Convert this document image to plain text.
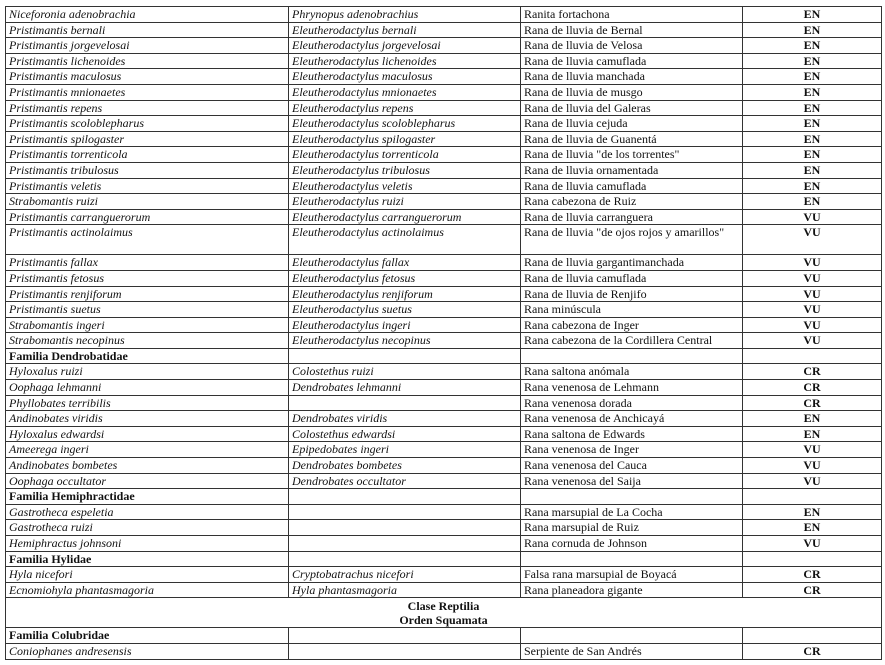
Niceforonia adenobrachia	Phrynopus adenobrachius	Ranita fortachona	EN
Pristimantis bernali	Eleutherodactylus bernali	Rana de lluvia de Bernal	EN
Pristimantis jorgevelosai	Eleutherodactylus jorgevelosai	Rana de lluvia de Velosa	EN
Pristimantis lichenoides	Eleutherodactylus lichenoides	Rana de lluvia camuflada	EN
Pristimantis maculosus	Eleutherodactylus maculosus	Rana de lluvia manchada	EN
Pristimantis mnionaetes	Eleutherodactylus mnionaetes	Rana de lluvia de musgo	EN
Pristimantis repens	Eleutherodactylus repens	Rana de lluvia del Galeras	EN
Pristimantis scoloblepharus	Eleutherodactylus scoloblepharus	Rana de lluvia cejuda	EN
Pristimantis spilogaster	Eleutherodactylus spilogaster	Rana de lluvia de Guanentá	EN
Pristimantis torrenticola	Eleutherodactylus torrenticola	Rana de lluvia "de los torrentes"	EN
Pristimantis tribulosus	Eleutherodactylus tribulosus	Rana de lluvia ornamentada	EN
Pristimantis veletis	Eleutherodactylus veletis	Rana de lluvia camuflada	EN
Strabomantis ruizi	Eleutherodactylus ruizi	Rana cabezona de Ruiz	EN
Pristimantis carranguerorum	Eleutherodactylus carranguerorum	Rana de lluvia carranguera	VU
Pristimantis actinolaimus	Eleutherodactylus actinolaimus	Rana de lluvia "de ojos rojos y amarillos"	VU
Pristimantis fallax	Eleutherodactylus fallax	Rana de lluvia gargantimanchada	VU
Pristimantis fetosus	Eleutherodactylus fetosus	Rana de lluvia camuflada	VU
Pristimantis renjiforum	Eleutherodactylus renjiforum	Rana de lluvia de Renjifo	VU
Pristimantis suetus	Eleutherodactylus suetus	Rana minúscula	VU
Strabomantis ingeri	Eleutherodactylus ingeri	Rana cabezona de Inger	VU
Strabomantis necopinus	Eleutherodactylus necopinus	Rana cabezona de la Cordillera Central	VU
Familia Dendrobatidae			
Hyloxalus ruizi	Colostethus ruizi	Rana saltona anómala	CR
Oophaga lehmanni	Dendrobates lehmanni	Rana venenosa de Lehmann	CR
Phyllobates terribilis		Rana venenosa dorada	CR
Andinobates viridis	Dendrobates viridis	Rana venenosa de Anchicayá	EN
Hyloxalus edwardsi	Colostethus edwardsi	Rana saltona de Edwards	EN
Ameerega ingeri	Epipedobates ingeri	Rana venenosa de Inger	VU
Andinobates bombetes	Dendrobates bombetes	Rana venenosa del Cauca	VU
Oophaga occultator	Dendrobates occultator	Rana venenosa del Saija	VU
Familia Hemiphractidae			
Gastrotheca espeletia		Rana marsupial de La Cocha	EN
Gastrotheca ruizi		Rana marsupial de Ruiz	EN
Hemiphractus johnsoni		Rana cornuda de Johnson	VU
Familia Hylidae			
Hyla nicefori	Cryptobatrachus nicefori	Falsa rana marsupial de Boyacá	CR
Ecnomiohyla phantasmagoria	Hyla phantasmagoria	Rana planeadora gigante	CR

Clase Reptilia
Orden Squamata			

Familia Colubridae			
Coniophanes andresensis		Serpiente de San Andrés	CR
